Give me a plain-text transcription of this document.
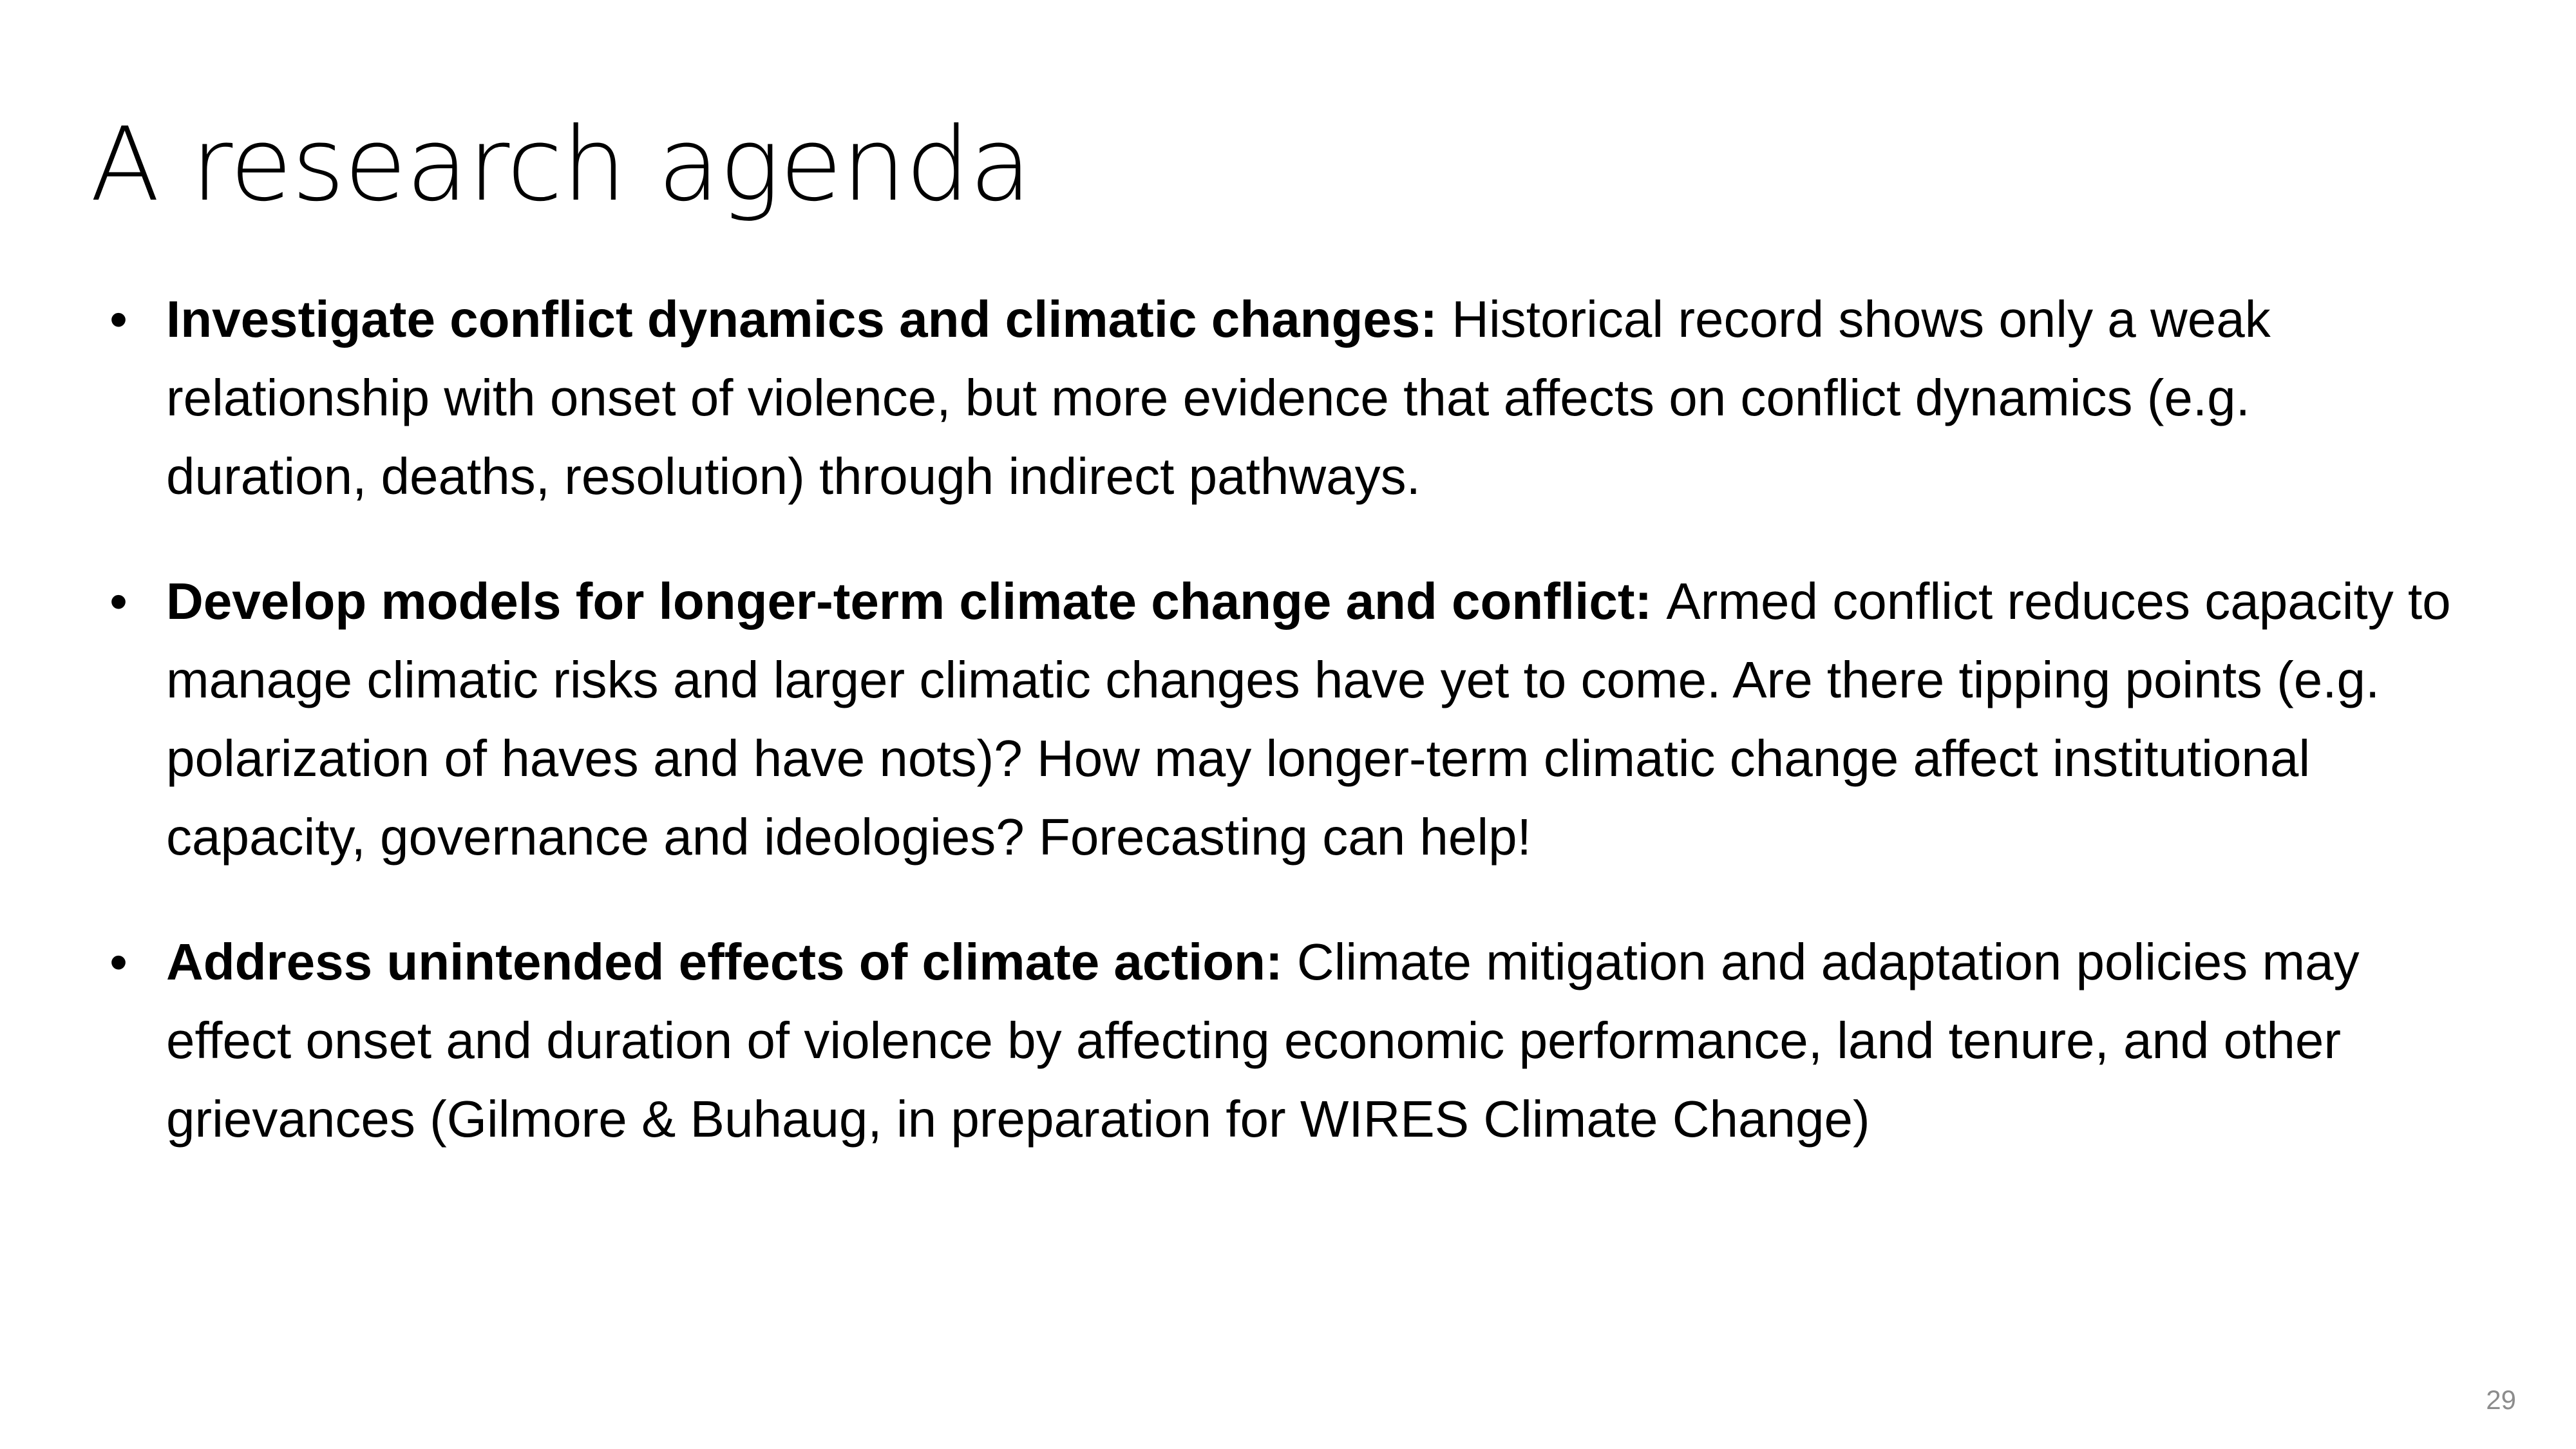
A research agenda
• Investigate conflict dynamics and climatic changes: Historical record shows only a weak relationship with onset of violence, but more evidence that affects on conflict dynamics (e.g. duration, deaths, resolution) through indirect pathways.
• Develop models for longer-term climate change and conflict: Armed conflict reduces capacity to manage climatic risks and larger climatic changes have yet to come. Are there tipping points (e.g. polarization of haves and have nots)? How may longer-term climatic change affect institutional capacity, governance and ideologies? Forecasting can help!
• Address unintended effects of climate action: Climate mitigation and adaptation policies may effect onset and duration of violence by affecting economic performance, land tenure, and other grievances (Gilmore & Buhaug, in preparation for WIRES Climate Change)
29
